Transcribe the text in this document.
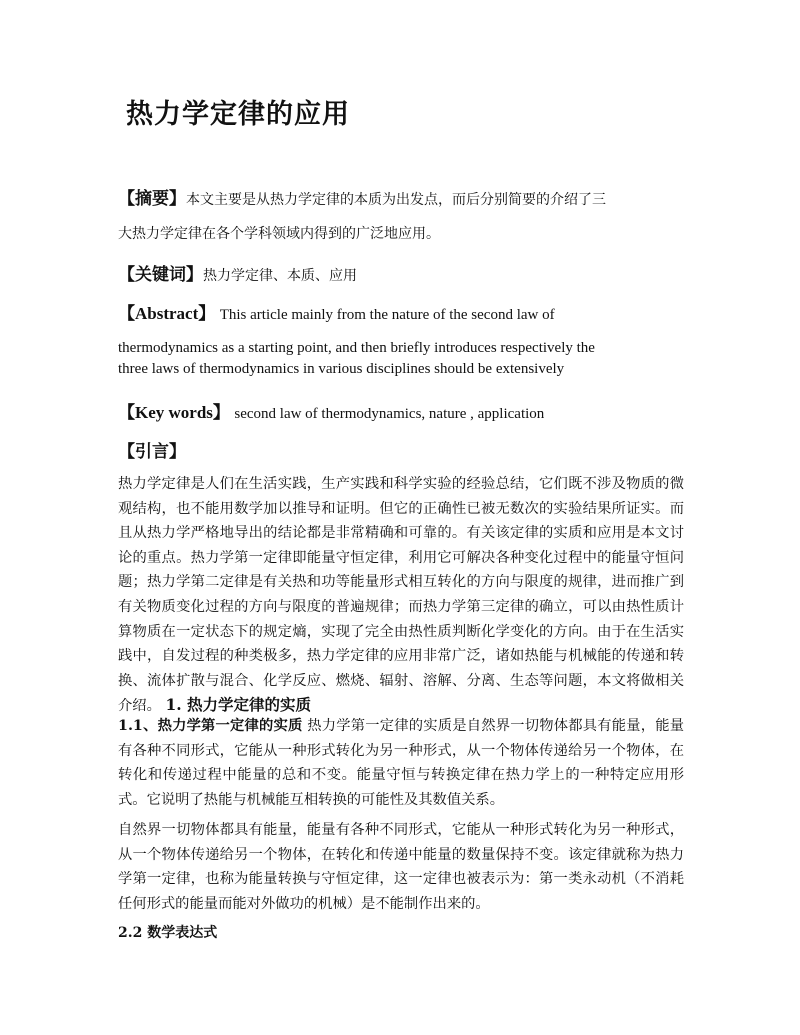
热力学定律的应用
【摘要】本文主要是从热力学定律的本质为出发点，而后分别简要的介绍了三
大热力学定律在各个学科领域内得到的广泛地应用。
【关键词】热力学定律、本质、应用
【Abstract】 This article mainly from the nature of the second law of
thermodynamics as a starting point, and then briefly introduces respectively the
three laws of thermodynamics in various disciplines should be extensively
【Key words】 second law of thermodynamics, nature , application
【引言】

热力学定律是人们在生活实践，生产实践和科学实验的经验总结，它们既不涉及物质的微观结构，也不能用数学加以推导和证明。但它的正确性已被无数次的实验结果所证实。而且从热力学严格地导出的结论都是非常精确和可靠的。有关该定律的实质和应用是本文讨论的重点。热力学第一定律即能量守恒定律，利用它可解决各种变化过程中的能量守恒问题；热力学第二定律是有关热和功等能量形式相互转化的方向与限度的规律，进而推广到有关物质变化过程的方向与限度的普遍规律；而热力学第三定律的确立，可以由热性质计算物质在一定状态下的规定熵，实现了完全由热性质判断化学变化的方向。由于在生活实践中，自发过程的种类极多，热力学定律的应用非常广泛，诸如热能与机械能的传递和转换、流体扩散与混合、化学反应、燃烧、辐射、溶解、分离、生态等问题，本文将做相关介绍。 1. 热力学定律的实质

1.1、热力学第一定律的实质 热力学第一定律的实质是自然界一切物体都具有能量，能量有各种不同形式，它能从一种形式转化为另一种形式，从一个物体传递给另一个物体，在转化和传递过程中能量的总和不变。能量守恒与转换定律在热力学上的一种特定应用形式。它说明了热能与机械能互相转换的可能性及其数值关系。

自然界一切物体都具有能量，能量有各种不同形式，它能从一种形式转化为另一种形式，从一个物体传递给另一个物体，在转化和传递中能量的数量保持不变。该定律就称为热力学第一定律，也称为能量转换与守恒定律，这一定律也被表示为：第一类永动机（不消耗任何形式的能量而能对外做功的机械）是不能制作出来的。

2.2 数学表达式
